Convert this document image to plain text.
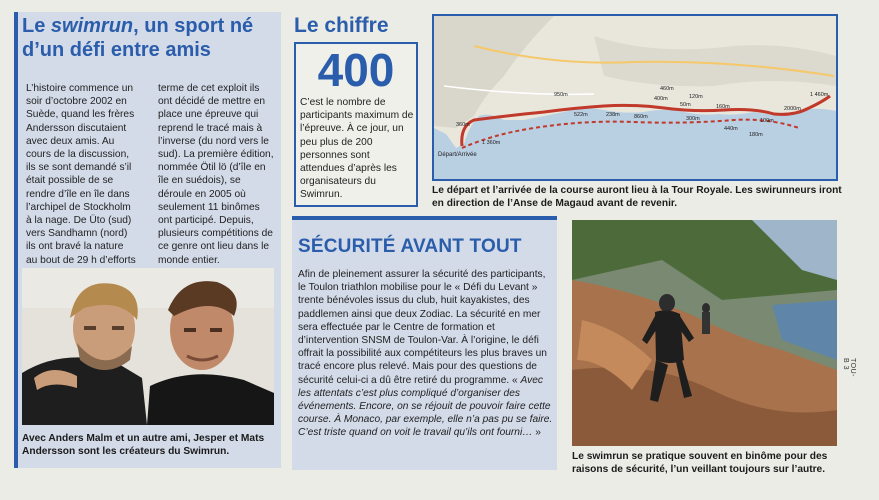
Le swimrun, un sport né d’un défi entre amis
L’histoire commence un soir d’octobre 2002 en Suède, quand les frères Andersson discutaient avec deux amis. Au cours de la discussion, ils se sont demandé s’il était possible de se rendre d’île en île dans l’archipel de Stockholm à la nage. De Üto (sud) vers Sandhamn (nord) ils ont bravé la nature au bout de 29 h d’efforts
terme de cet exploit ils ont décidé de mettre en place une épreuve qui reprend le tracé mais à l’inverse (du nord vers le sud). La première édition, nommée Ötil lö (d’île en île en suédois), se déroule en 2005 où seulement 11 binômes ont participé. Depuis, plusieurs compétitions de ce genre ont lieu dans le monde entier.
Avec Anders Malm et un autre ami, Jesper et Mats Andersson sont les créateurs du Swimrun.
Le chiffre
400
C’est le nombre de participants maximum de l’épreuve. À ce jour, un peu plus de 200 personnes sont attendues d’après les organisateurs du Swimrun.
Départ/Arrivée
460m
120m
400m
950m
1 360m
50m
522m	238m	860m	300m
160m
440m
180m
100m
2000m
1 460m
360m
Le départ et l’arrivée de la course auront lieu à la Tour Royale. Les swirunneurs iront en direction de l’Anse de Magaud avant de revenir.
SÉCURITÉ AVANT TOUT
Afin de pleinement assurer la sécurité des participants, le Toulon triathlon mobilise pour le « Défi du Levant » trente bénévoles issus du club, huit kayakistes, des paddlemen ainsi que deux Zodiac. La sécurité en mer sera effectuée par le Centre de formation et d’intervention SNSM de Toulon-Var. À l’origine, le défi offrait la possibilité aux compétiteurs les plus braves un tracé encore plus relevé. Mais pour des questions de sécurité celui-ci a dû être retiré du programme. « Avec les attentats c’est plus compliqué d’organiser des événements. Encore, on se réjouit de pouvoir faire cette course. À Monaco, par exemple, elle n’a pas pu se faire. C’est triste quand on voit le travail qu’ils ont fourni… »
Le swimrun se pratique souvent en binôme pour des raisons de sécurité, l’un veillant toujours sur l’autre.
TOU-B 3
